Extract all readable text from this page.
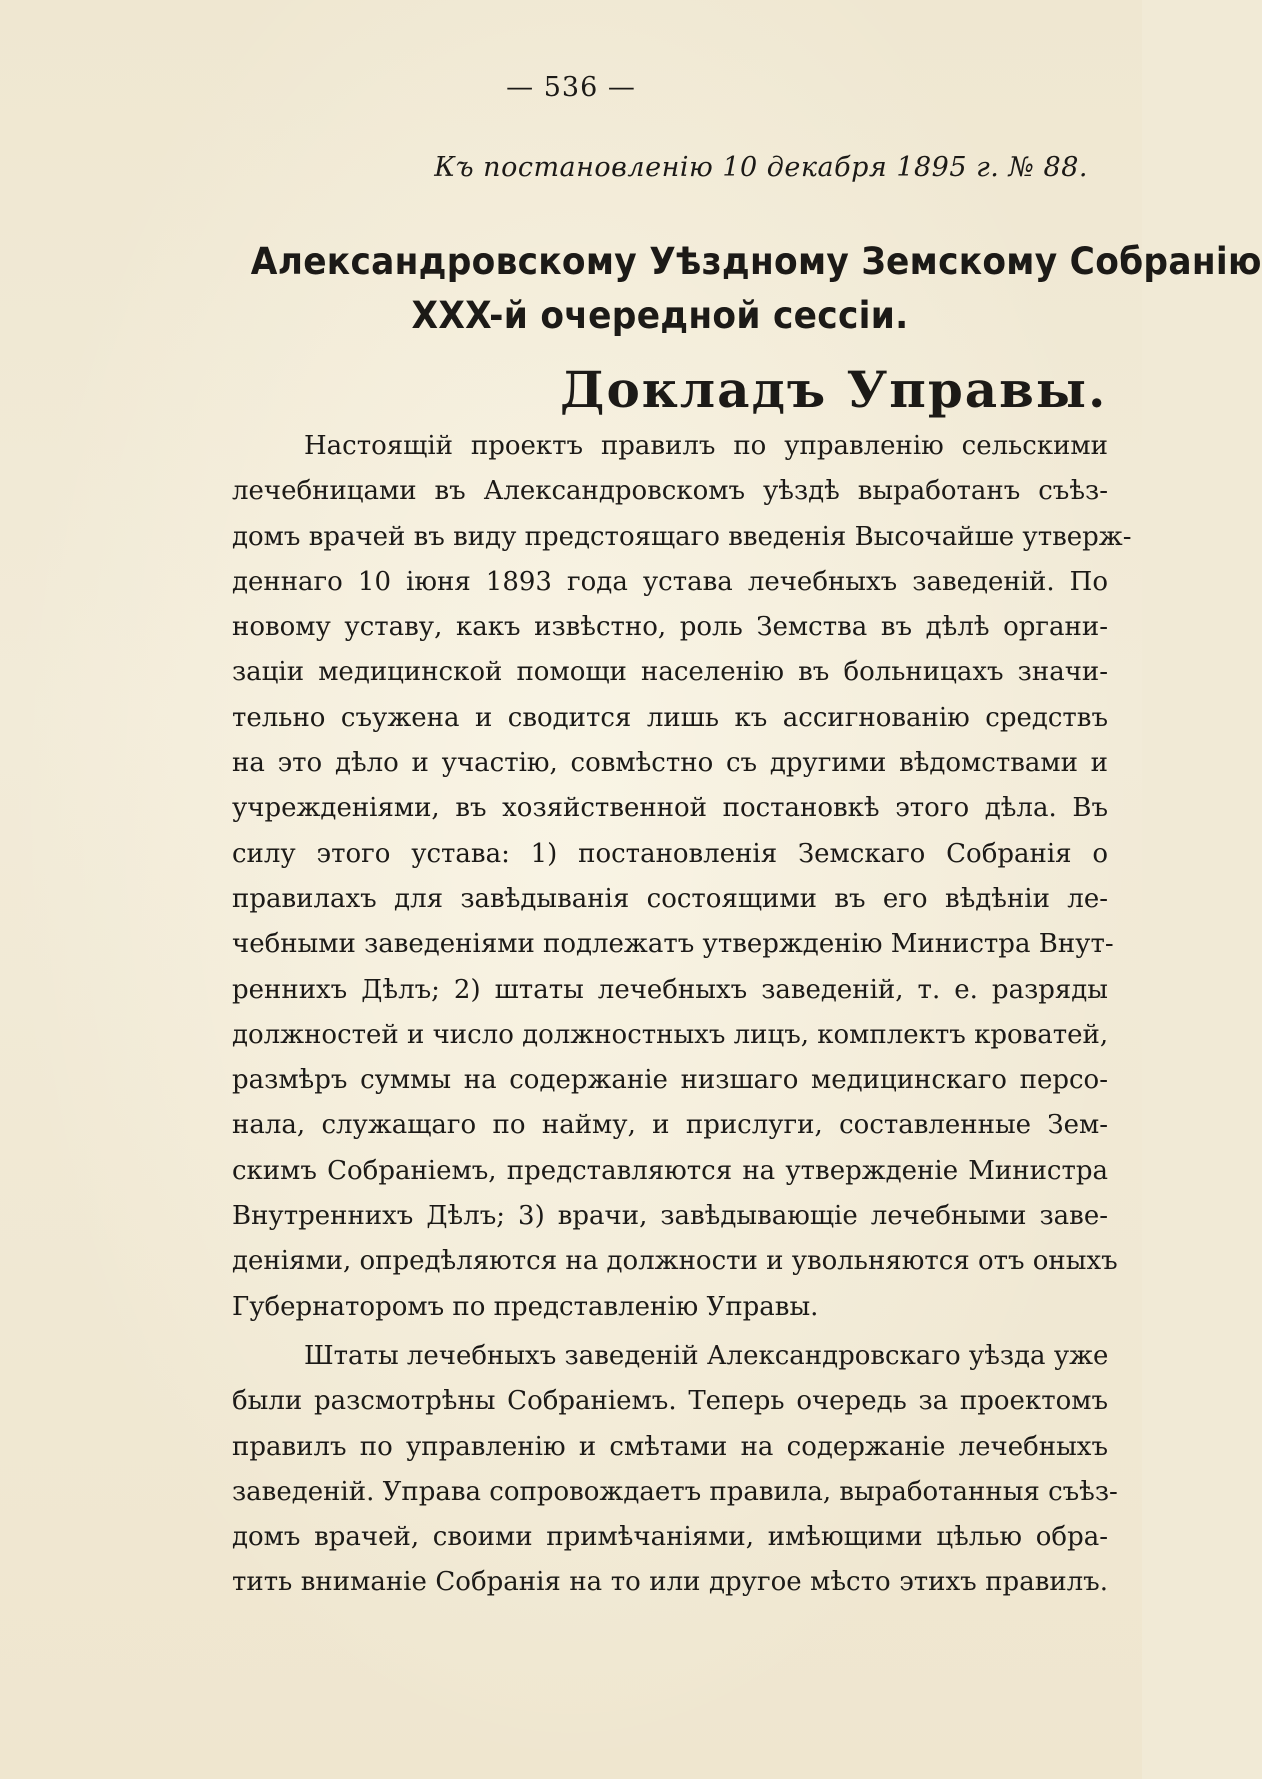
— 536 —
Къ постановленію 10 декабря 1895 г. № 88.
Александровскому Уѣздному Земскому Собранію
XXX-й очередной сессіи.
Докладъ Управы.
Настоящій проектъ правилъ по управленію сельскими
лечебницами въ Александровскомъ уѣздѣ выработанъ съѣз-
домъ врачей въ виду предстоящаго введенія Высочайше утверж-
деннаго 10 іюня 1893 года устава лечебныхъ заведеній. По
новому уставу, какъ извѣстно, роль Земства въ дѣлѣ органи-
заціи медицинской помощи населенію въ больницахъ значи-
тельно съужена и сводится лишь къ ассигнованію средствъ
на это дѣло и участію, совмѣстно съ другими вѣдомствами и
учрежденіями, въ хозяйственной постановкѣ этого дѣла. Въ
силу этого устава: 1) постановленія Земскаго Собранія о
правилахъ для завѣдыванія состоящими въ его вѣдѣніи ле-
чебными заведеніями подлежатъ утвержденію Министра Внут-
реннихъ Дѣлъ; 2) штаты лечебныхъ заведеній, т. е. разряды
должностей и число должностныхъ лицъ, комплектъ кроватей,
размѣръ суммы на содержаніе низшаго медицинскаго персо-
нала, служащаго по найму, и прислуги, составленные Зем-
скимъ Собраніемъ, представляются на утвержденіе Министра
Внутреннихъ Дѣлъ; 3) врачи, завѣдывающіе лечебными заве-
деніями, опредѣляются на должности и увольняются отъ оныхъ
Губернаторомъ по представленію Управы.
Штаты лечебныхъ заведеній Александровскаго уѣзда уже
были разсмотрѣны Собраніемъ. Теперь очередь за проектомъ
правилъ по управленію и смѣтами на содержаніе лечебныхъ
заведеній. Управа сопровождаетъ правила, выработанныя съѣз-
домъ врачей, своими примѣчаніями, имѣющими цѣлью обра-
тить вниманіе Собранія на то или другое мѣсто этихъ правилъ.
